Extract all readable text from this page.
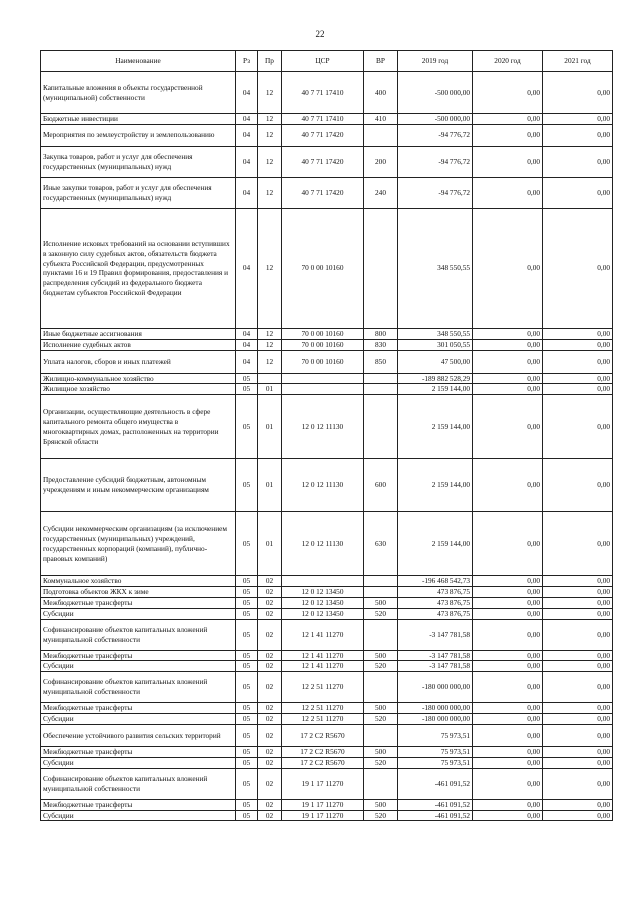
22
Наименование	Рз	Пр	ЦСР	ВР	2019 год	2020 год	2021 год
Капитальные вложения в объекты государственной (муниципальной) собственности	04	12	40 7 71 17410	400	-500 000,00	0,00	0,00
Бюджетные инвестиции	04	12	40 7 71 17410	410	-500 000,00	0,00	0,00
Мероприятия по землеустройству и землепользованию	04	12	40 7 71 17420		-94 776,72	0,00	0,00
Закупка товаров, работ и услуг для обеспечения государственных (муниципальных) нужд	04	12	40 7 71 17420	200	-94 776,72	0,00	0,00
Иные закупки товаров, работ и услуг для обеспечения государственных (муниципальных) нужд	04	12	40 7 71 17420	240	-94 776,72	0,00	0,00
Исполнение исковых требований на основании вступивших в законную силу судебных актов, обязательств бюджета субъекта Российской Федерации, предусмотренных пунктами 16 и 19 Правил формирования, предоставления и распределения субсидий из федерального бюджета бюджетам субъектов Российской Федерации	04	12	70 0 00 10160		348 550,55	0,00	0,00
Иные бюджетные ассигнования	04	12	70 0 00 10160	800	348 550,55	0,00	0,00
Исполнение судебных актов	04	12	70 0 00 10160	830	301 050,55	0,00	0,00
Уплата налогов, сборов и иных платежей	04	12	70 0 00 10160	850	47 500,00	0,00	0,00
Жилищно-коммунальное хозяйство	05				-189 882 528,29	0,00	0,00
Жилищное хозяйство	05	01			2 159 144,00	0,00	0,00
Организации, осуществляющие деятельность в сфере капитального ремонта общего имущества в многоквартирных домах, расположенных на территории Брянской области	05	01	12 0 12 11130		2 159 144,00	0,00	0,00
Предоставление субсидий бюджетным, автономным учреждениям и иным некоммерческим организациям	05	01	12 0 12 11130	600	2 159 144,00	0,00	0,00
Субсидии некоммерческим организациям (за исключением государственных (муниципальных) учреждений, государственных корпораций (компаний), публично-правовых компаний)	05	01	12 0 12 11130	630	2 159 144,00	0,00	0,00
Коммунальное хозяйство	05	02			-196 468 542,73	0,00	0,00
Подготовка объектов ЖКХ к зиме	05	02	12 0 12 13450		473 876,75	0,00	0,00
Межбюджетные трансферты	05	02	12 0 12 13450	500	473 876,75	0,00	0,00
Субсидии	05	02	12 0 12 13450	520	473 876,75	0,00	0,00
Софинансирование объектов капитальных вложений муниципальной собственности	05	02	12 1 41 11270		-3 147 781,58	0,00	0,00
Межбюджетные трансферты	05	02	12 1 41 11270	500	-3 147 781,58	0,00	0,00
Субсидии	05	02	12 1 41 11270	520	-3 147 781,58	0,00	0,00
Софинансирование объектов капитальных вложений муниципальной собственности	05	02	12 2 51 11270		-180 000 000,00	0,00	0,00
Межбюджетные трансферты	05	02	12 2 51 11270	500	-180 000 000,00	0,00	0,00
Субсидии	05	02	12 2 51 11270	520	-180 000 000,00	0,00	0,00
Обеспечение устойчивого развития сельских территорий	05	02	17 2 C2 R5670		75 973,51	0,00	0,00
Межбюджетные трансферты	05	02	17 2 C2 R5670	500	75 973,51	0,00	0,00
Субсидии	05	02	17 2 C2 R5670	520	75 973,51	0,00	0,00
Софинансирование объектов капитальных вложений муниципальной собственности	05	02	19 1 17 11270		-461 091,52	0,00	0,00
Межбюджетные трансферты	05	02	19 1 17 11270	500	-461 091,52	0,00	0,00
Субсидии	05	02	19 1 17 11270	520	-461 091,52	0,00	0,00
